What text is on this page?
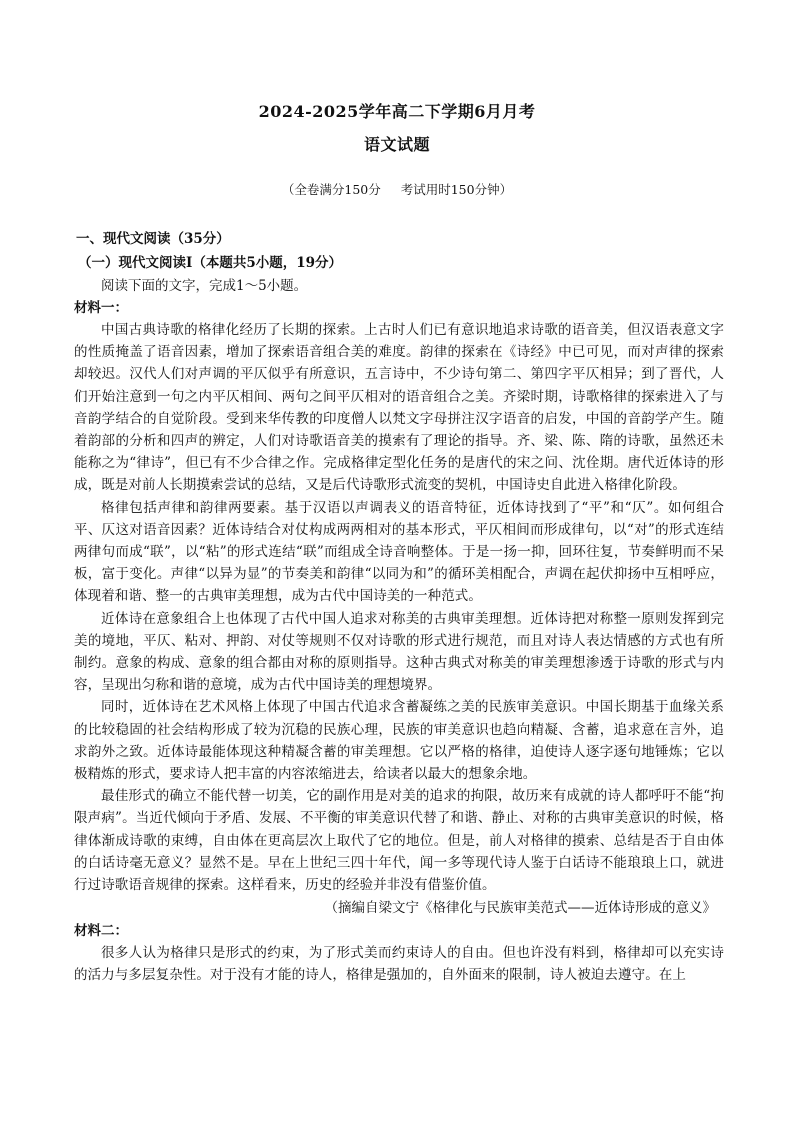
2024-2025学年高二下学期6月月考
语文试题
（全卷满分150分 考试用时150分钟）
一、现代文阅读（35分）
（一）现代文阅读Ⅰ（本题共5小题，19分）
阅读下面的文字，完成1～5小题。
材料一：

中国古典诗歌的格律化经历了长期的探索。上古时人们已有意识地追求诗歌的语音美，但汉语表意文字的性质掩盖了语音因素，增加了探索语音组合美的难度。韵律的探索在《诗经》中已可见，而对声律的探索却较迟。汉代人们对声调的平仄似乎有所意识，五言诗中，不少诗句第二、第四字平仄相异；到了晋代，人们开始注意到一句之内平仄相间、两句之间平仄相对的语音组合之美。齐梁时期，诗歌格律的探索进入了与音韵学结合的自觉阶段。受到来华传教的印度僧人以梵文字母拼注汉字语音的启发，中国的音韵学产生。随着韵部的分析和四声的辨定，人们对诗歌语音美的摸索有了理论的指导。齐、梁、陈、隋的诗歌，虽然还未能称之为“律诗”，但已有不少合律之作。完成格律定型化任务的是唐代的宋之问、沈佺期。唐代近体诗的形成，既是对前人长期摸索尝试的总结，又是后代诗歌形式流变的契机，中国诗史自此进入格律化阶段。

格律包括声律和韵律两要素。基于汉语以声调表义的语音特征，近体诗找到了“平”和“仄”。如何组合平、仄这对语音因素？近体诗结合对仗构成两两相对的基本形式，平仄相间而形成律句，以“对”的形式连结两律句而成“联”，以“粘”的形式连结“联”而组成全诗音响整体。于是一扬一抑，回环往复，节奏鲜明而不呆板，富于变化。声律“以异为显”的节奏美和韵律“以同为和”的循环美相配合，声调在起伏抑扬中互相呼应，体现着和谐、整一的古典审美理想，成为古代中国诗美的一种范式。

近体诗在意象组合上也体现了古代中国人追求对称美的古典审美理想。近体诗把对称整一原则发挥到完美的境地，平仄、粘对、押韵、对仗等规则不仅对诗歌的形式进行规范，而且对诗人表达情感的方式也有所制约。意象的构成、意象的组合都由对称的原则指导。这种古典式对称美的审美理想渗透于诗歌的形式与内容，呈现出匀称和谐的意境，成为古代中国诗美的理想境界。

同时，近体诗在艺术风格上体现了中国古代追求含蓄凝练之美的民族审美意识。中国长期基于血缘关系的比较稳固的社会结构形成了较为沉稳的民族心理，民族的审美意识也趋向精凝、含蓄，追求意在言外，追求韵外之致。近体诗最能体现这种精凝含蓄的审美理想。它以严格的格律，迫使诗人逐字逐句地锤炼；它以极精炼的形式，要求诗人把丰富的内容浓缩进去，给读者以最大的想象余地。

最佳形式的确立不能代替一切美，它的副作用是对美的追求的拘限，故历来有成就的诗人都呼吁不能“拘限声病”。当近代倾向于矛盾、发展、不平衡的审美意识代替了和谐、静止、对称的古典审美意识的时候，格律体渐成诗歌的束缚，自由体在更高层次上取代了它的地位。但是，前人对格律的摸索、总结是否于自由体的白话诗毫无意义？显然不是。早在上世纪三四十年代，闻一多等现代诗人鉴于白话诗不能琅琅上口，就进行过诗歌语音规律的探索。这样看来，历史的经验并非没有借鉴价值。

（摘编自梁文宁《格律化与民族审美范式——近体诗形成的意义》
材料二：

很多人认为格律只是形式的约束，为了形式美而约束诗人的自由。但也许没有料到，格律却可以充实诗的活力与多层复杂性。对于没有才能的诗人，格律是强加的，自外面来的限制，诗人被迫去遵守。在上
